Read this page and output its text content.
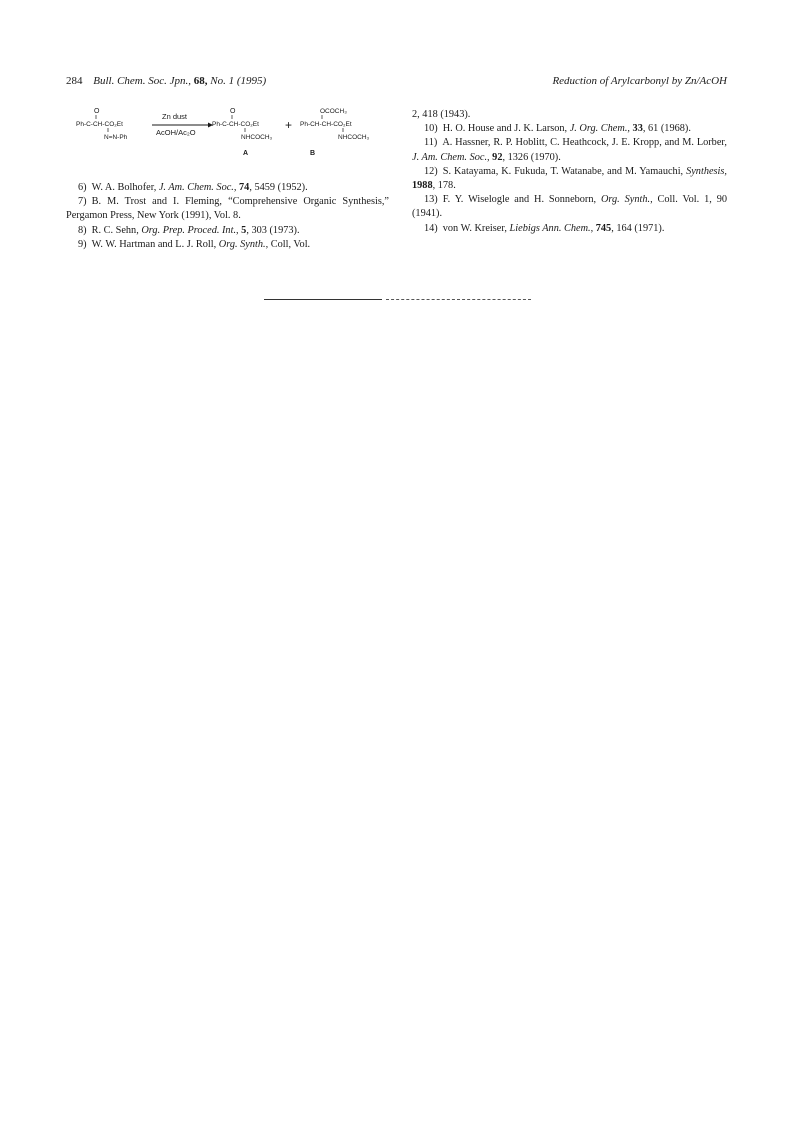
284 Bull. Chem. Soc. Jpn., 68, No. 1 (1995)	Reduction of Arylcarbonyl by Zn/AcOH
O
Ph-C-CH-CO₂Et
N=N-Ph
Zn dust
AcOH/Ac₂O
O
Ph-C-CH-CO₂Et
NHCOCH₃
A
+
OCOCH₃
Ph-CH-CH-CO₂Et
NHCOCH₃
B
6) W. A. Bolhofer, J. Am. Chem. Soc., 74, 5459 (1952).
7) B. M. Trost and I. Fleming, “Comprehensive Organic Synthesis,” Pergamon Press, New York (1991), Vol. 8.
8) R. C. Sehn, Org. Prep. Proced. Int., 5, 303 (1973).
9) W. W. Hartman and L. J. Roll, Org. Synth., Coll, Vol.
2, 418 (1943).
10) H. O. House and J. K. Larson, J. Org. Chem., 33, 61 (1968).
11) A. Hassner, R. P. Hoblitt, C. Heathcock, J. E. Kropp, and M. Lorber, J. Am. Chem. Soc., 92, 1326 (1970).
12) S. Katayama, K. Fukuda, T. Watanabe, and M. Yamauchi, Synthesis, 1988, 178.
13) F. Y. Wiselogle and H. Sonneborn, Org. Synth., Coll. Vol. 1, 90 (1941).
14) von W. Kreiser, Liebigs Ann. Chem., 745, 164 (1971).
